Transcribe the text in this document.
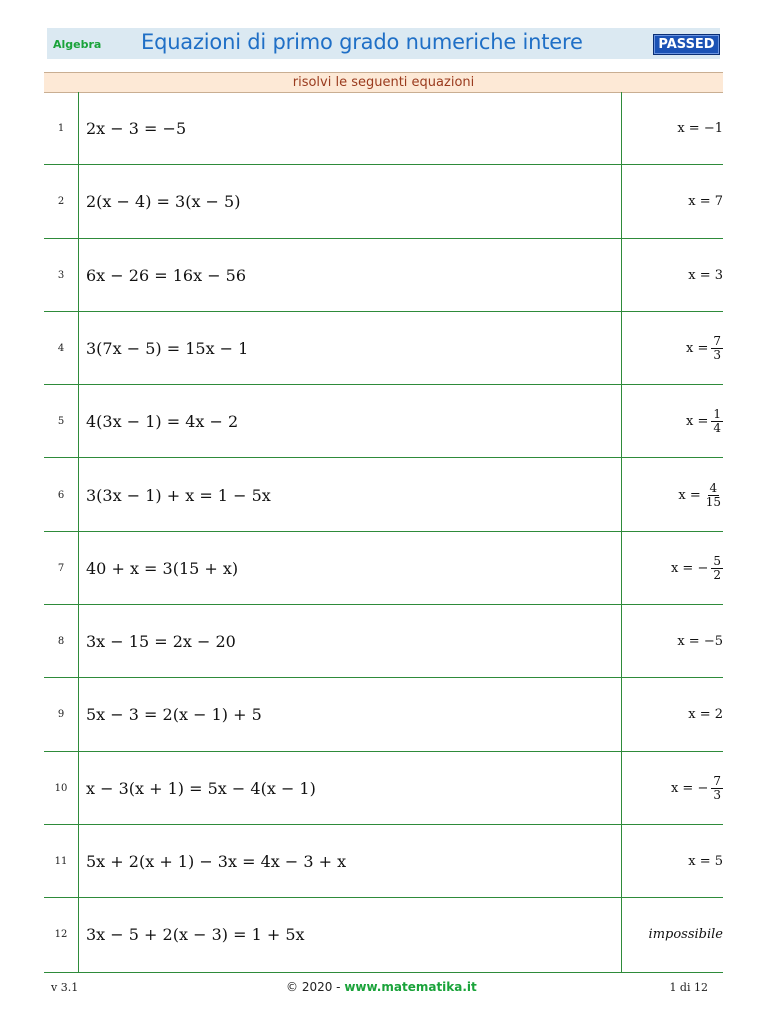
Algebra Equazioni di primo grado numeriche intere	PASSED
risolvi le seguenti equazioni
1	2x − 3 = −5	x = −1
2	2(x − 4) = 3(x − 5)	x = 7
3	6x − 26 = 16x − 56	x = 3
4	3(7x − 5) = 15x − 1	$x = \frac{7}{3}$
5	4(3x − 1) = 4x − 2	$x = \frac{1}{4}$
6	3(3x − 1) + x = 1 − 5x	$x = \frac{4}{15}$
7	40 + x = 3(15 + x)	x = − $\frac{5}{2}$
8	3x − 15 = 2x − 20	x = −5
9	5x − 3 = 2(x − 1) + 5	x = 2
10	x − 3(x + 1) = 5x − 4(x − 1)	x = − $\frac{7}{3}$
11	5x + 2(x + 1) − 3x = 4x − 3 + x	x = 5
12	3x − 5 + 2(x − 3) = 1 + 5x	impossibile
v 3.1	© 2020 - www.matematika.it	1 di 12
